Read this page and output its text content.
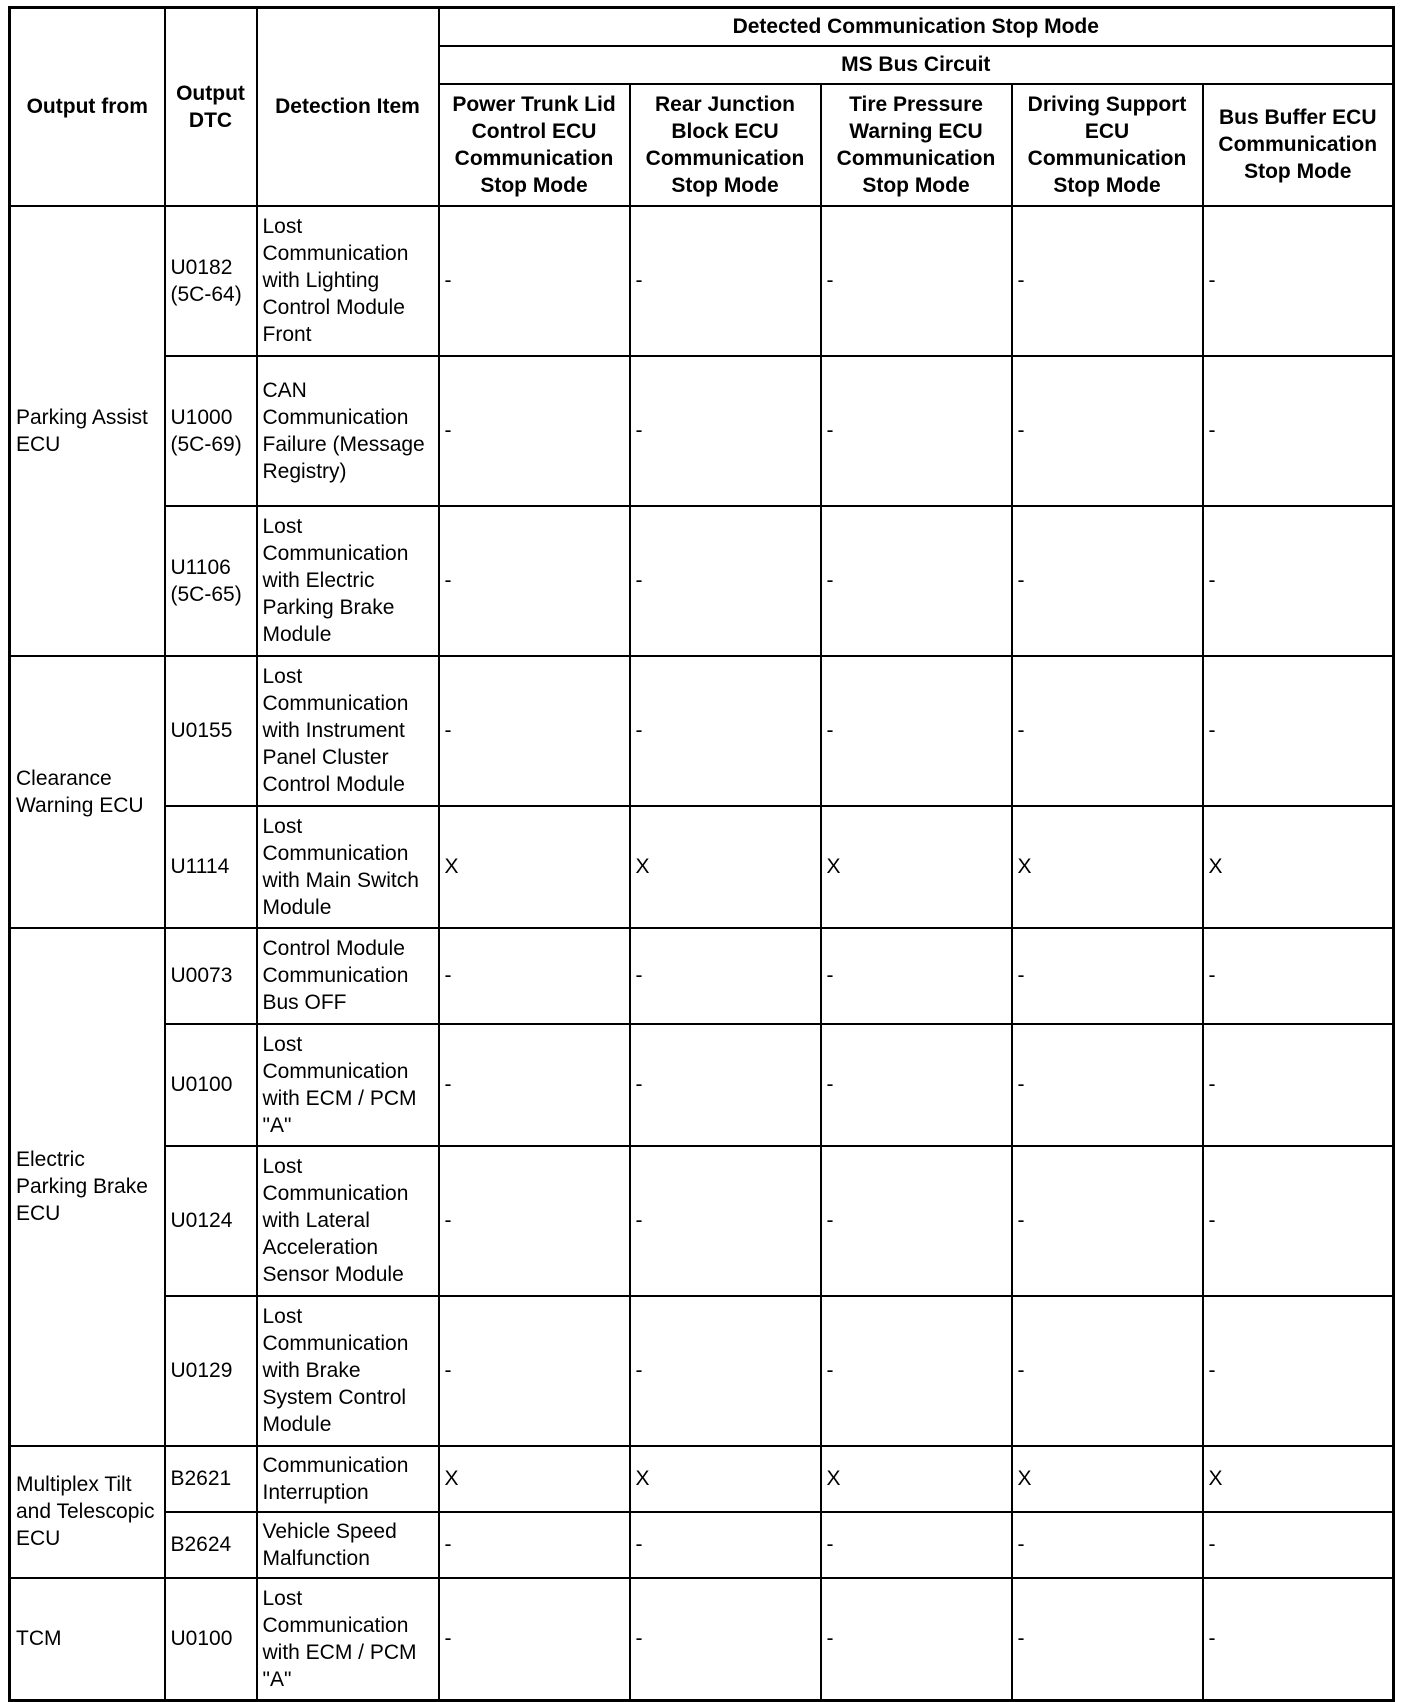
Output from	Output DTC	Detection Item	Detected Communication Stop Mode				
			MS Bus Circuit				
			Power Trunk Lid Control ECU Communication Stop Mode	Rear Junction Block ECU Communication Stop Mode	Tire Pressure Warning ECU Communication Stop Mode	Driving Support ECU Communication Stop Mode	Bus Buffer ECU Communication Stop Mode
Parking Assist ECU	U0182 (5C-64)	Lost Communication with Lighting Control Module Front	-	-	-	-	-
	U1000 (5C-69)	CAN Communication Failure (Message Registry)	-	-	-	-	-
	U1106 (5C-65)	Lost Communication with Electric Parking Brake Module	-	-	-	-	-
Clearance Warning ECU	U0155	Lost Communication with Instrument Panel Cluster Control Module	-	-	-	-	-
	U1114	Lost Communication with Main Switch Module	X	X	X	X	X
Electric Parking Brake ECU	U0073	Control Module Communication Bus OFF	-	-	-	-	-
	U0100	Lost Communication with ECM / PCM "A"	-	-	-	-	-
	U0124	Lost Communication with Lateral Acceleration Sensor Module	-	-	-	-	-
	U0129	Lost Communication with Brake System Control Module	-	-	-	-	-
Multiplex Tilt and Telescopic ECU	B2621	Communication Interruption	X	X	X	X	X
	B2624	Vehicle Speed Malfunction	-	-	-	-	-
TCM	U0100	Lost Communication with ECM / PCM "A"	-	-	-	-	-
